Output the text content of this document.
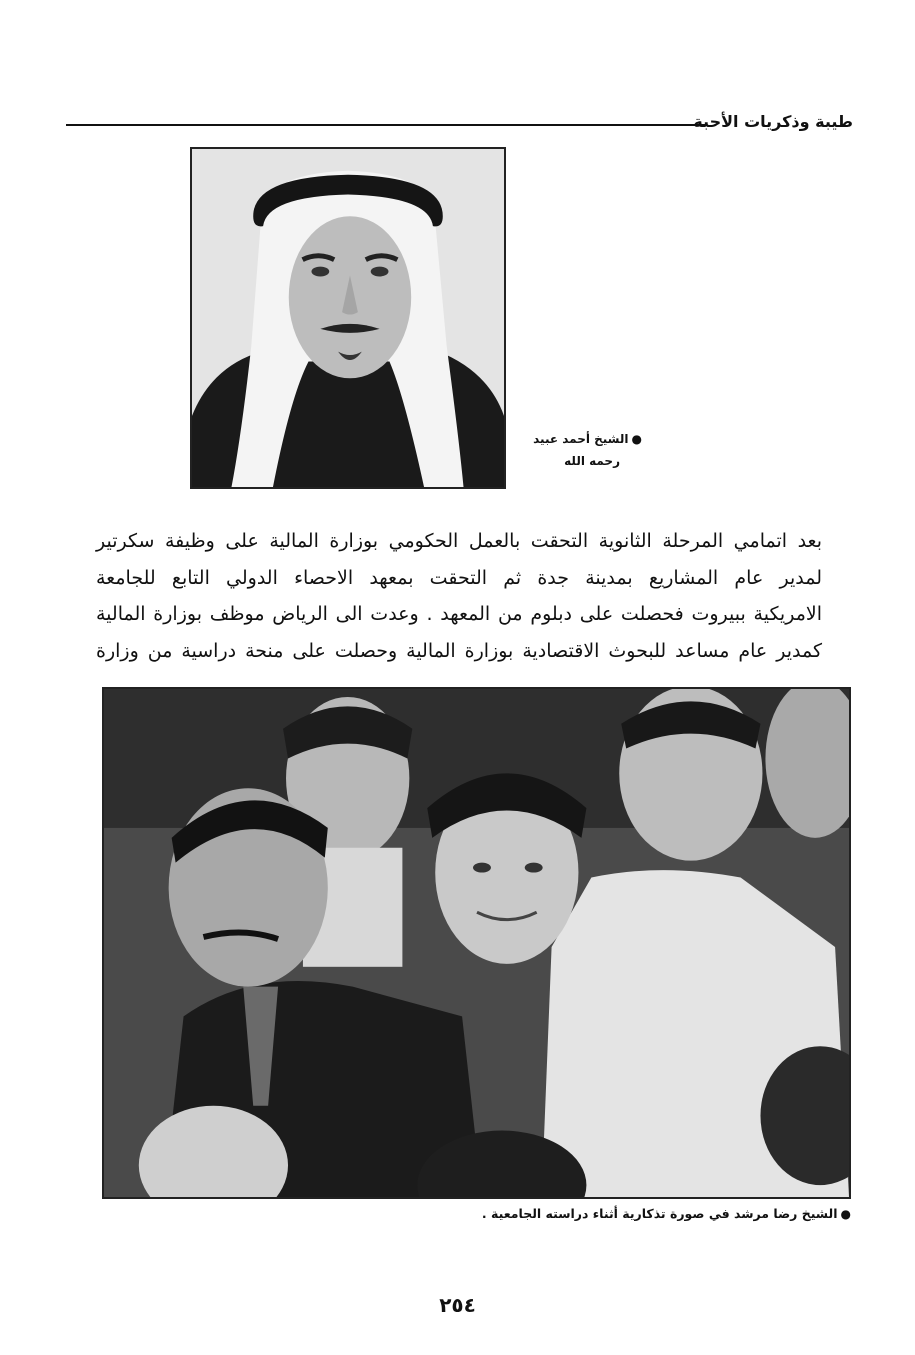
طيبة وذكريات الأحبة
●الشيخ أحمد عبيد
رحمه الله
بعد اتمامي المرحلة الثانوية التحقت بالعمل الحكومي بوزارة المالية على وظيفة سكرتير
لمدير عام المشاريع بمدينة جدة ثم التحقت بمعهد الاحصاء الدولي التابع للجامعة
الامريكية ببيروت فحصلت على دبلوم من المعهد . وعدت الى الرياض موظف بوزارة المالية
كمدير عام مساعد للبحوث الاقتصادية بوزارة المالية وحصلت على منحة دراسية من وزارة
●الشيخ رضا مرشد في صورة تذكارية أثناء دراسته الجامعية .
٢٥٤
